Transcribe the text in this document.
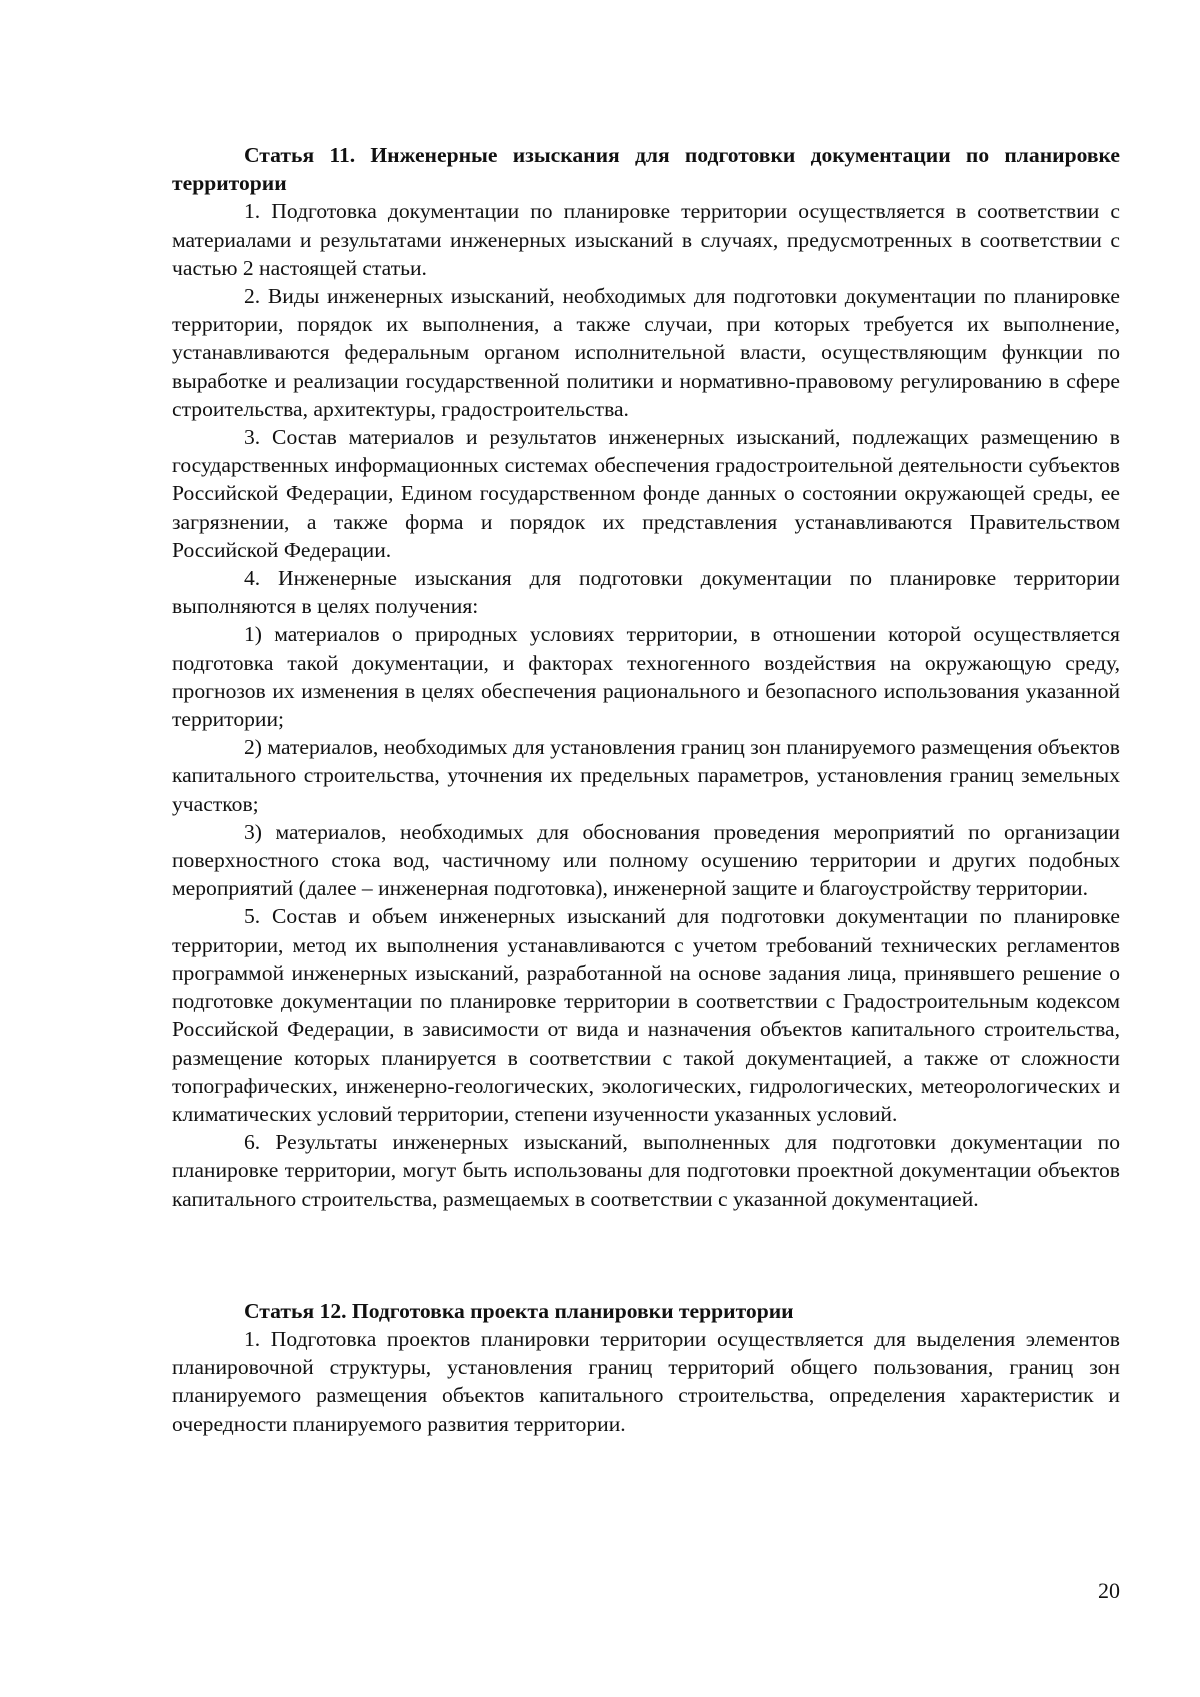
Статья 11. Инженерные изыскания для подготовки документации по планировке территории

1. Подготовка документации по планировке территории осуществляется в соответствии с материалами и результатами инженерных изысканий в случаях, предусмотренных в соответствии с частью 2 настоящей статьи.

2. Виды инженерных изысканий, необходимых для подготовки документации по планировке территории, порядок их выполнения, а также случаи, при которых требуется их выполнение, устанавливаются федеральным органом исполнительной власти, осуществляющим функции по выработке и реализации государственной политики и нормативно-правовому регулированию в сфере строительства, архитектуры, градостроительства.

3. Состав материалов и результатов инженерных изысканий, подлежащих размещению в государственных информационных системах обеспечения градостроительной деятельности субъектов Российской Федерации, Едином государственном фонде данных о состоянии окружающей среды, ее загрязнении, а также форма и порядок их представления устанавливаются Правительством Российской Федерации.

4. Инженерные изыскания для подготовки документации по планировке территории выполняются в целях получения:

1) материалов о природных условиях территории, в отношении которой осуществляется подготовка такой документации, и факторах техногенного воздействия на окружающую среду, прогнозов их изменения в целях обеспечения рационального и безопасного использования указанной территории;

2) материалов, необходимых для установления границ зон планируемого размещения объектов капитального строительства, уточнения их предельных параметров, установления границ земельных участков;

3) материалов, необходимых для обоснования проведения мероприятий по организации поверхностного стока вод, частичному или полному осушению территории и других подобных мероприятий (далее – инженерная подготовка), инженерной защите и благоустройству территории.

5. Состав и объем инженерных изысканий для подготовки документации по планировке территории, метод их выполнения устанавливаются с учетом требований технических регламентов программой инженерных изысканий, разработанной на основе задания лица, принявшего решение о подготовке документации по планировке территории в соответствии с Градостроительным кодексом Российской Федерации, в зависимости от вида и назначения объектов капитального строительства, размещение которых планируется в соответствии с такой документацией, а также от сложности топографических, инженерно-геологических, экологических, гидрологических, метеорологических и климатических условий территории, степени изученности указанных условий.

6. Результаты инженерных изысканий, выполненных для подготовки документации по планировке территории, могут быть использованы для подготовки проектной документации объектов капитального строительства, размещаемых в соответствии с указанной документацией.

Статья 12. Подготовка проекта планировки территории

1. Подготовка проектов планировки территории осуществляется для выделения элементов планировочной структуры, установления границ территорий общего пользования, границ зон планируемого размещения объектов капитального строительства, определения характеристик и очередности планируемого развития территории.

20
